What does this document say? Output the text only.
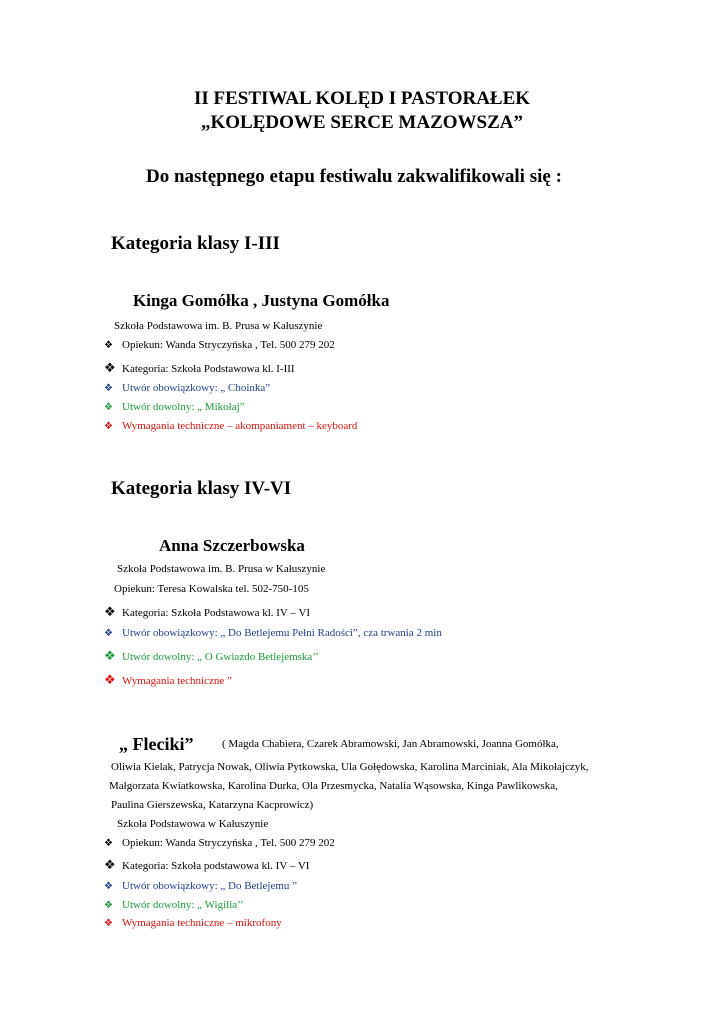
II FESTIWAL KOLĘD I PASTORAŁEK
„KOLĘDOWE SERCE MAZOWSZA”
Do następnego etapu festiwalu zakwalifikowali się :
Kategoria klasy I-III
Kinga Gomółka , Justyna Gomółka
Szkoła Podstawowa im. B. Prusa w Kałuszynie
❖ Opiekun: Wanda Stryczyńska , Tel. 500 279 202
❖ Kategoria: Szkoła Podstawowa kl. I-III
❖ Utwór obowiązkowy: „ Choinka”
❖ Utwór dowolny: „ Mikołaj”
❖ Wymagania techniczne – akompaniament – keyboard
Kategoria klasy IV-VI
Anna Szczerbowska
Szkoła Podstawowa im. B. Prusa w Kałuszynie
Opiekun: Teresa Kowalska tel. 502-750-105
❖ Kategoria: Szkoła Podstawowa kl. IV – VI
❖ Utwór obowiązkowy: „ Do Betlejemu Pełni Radości”, cza trwania 2 min
❖ Utwór dowolny: „ O Gwiazdo Betlejemska’’
❖ Wymagania techniczne ”
„ Fleciki”	( Magda Chabiera, Czarek Abramowski, Jan Abramowski, Joanna Gomółka,
Oliwia Kielak, Patrycja Nowak, Oliwia Pytkowska, Ula Gołędowska, Karolina Marciniak, Ala Mikołajczyk,
Małgorzata Kwiatkowska, Karolina Durka, Ola Przesmycka, Natalia Wąsowska, Kinga Pawlikowska,
Paulina Gierszewska, Katarzyna Kacprowicz)
Szkoła Podstawowa w Kałuszynie
❖ Opiekun: Wanda Stryczyńska , Tel. 500 279 202
❖ Kategoria: Szkoła podstawowa kl. IV – VI
❖ Utwór obowiązkowy: „ Do Betlejemu ”
❖ Utwór dowolny: „ Wigilia’’
❖ Wymagania techniczne – mikrofony
